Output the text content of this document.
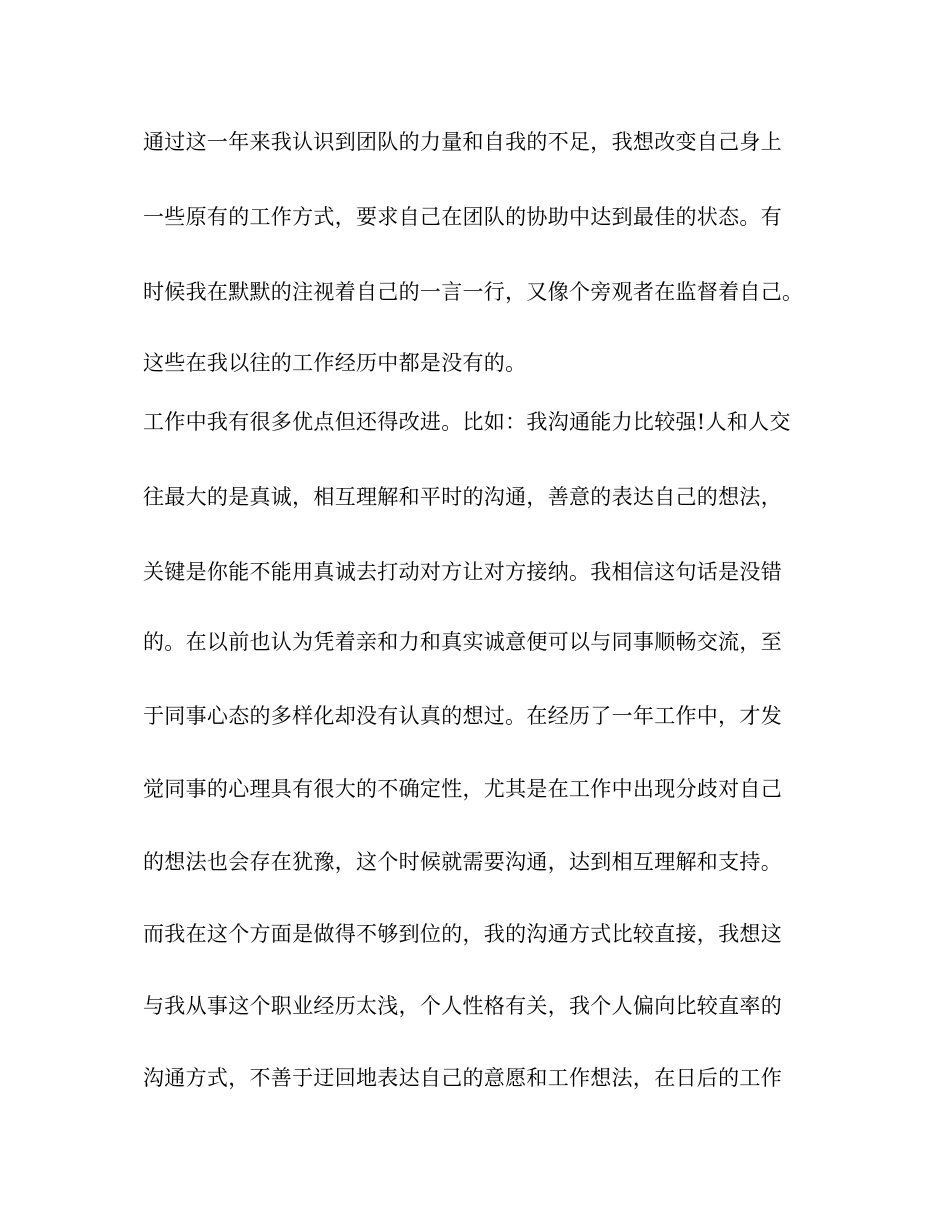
通过这一年来我认识到团队的力量和自我的不足，我想改变自己身上
一些原有的工作方式，要求自己在团队的协助中达到最佳的状态。有
时候我在默默的注视着自己的一言一行，又像个旁观者在监督着自己。
这些在我以往的工作经历中都是没有的。
工作中我有很多优点但还得改进。比如：我沟通能力比较强!人和人交
往最大的是真诚，相互理解和平时的沟通，善意的表达自己的想法，
关键是你能不能用真诚去打动对方让对方接纳。我相信这句话是没错
的。在以前也认为凭着亲和力和真实诚意便可以与同事顺畅交流，至
于同事心态的多样化却没有认真的想过。在经历了一年工作中，才发
觉同事的心理具有很大的不确定性，尤其是在工作中出现分歧对自己
的想法也会存在犹豫，这个时候就需要沟通，达到相互理解和支持。
而我在这个方面是做得不够到位的，我的沟通方式比较直接，我想这
与我从事这个职业经历太浅，个人性格有关，我个人偏向比较直率的
沟通方式，不善于迂回地表达自己的意愿和工作想法，在日后的工作
